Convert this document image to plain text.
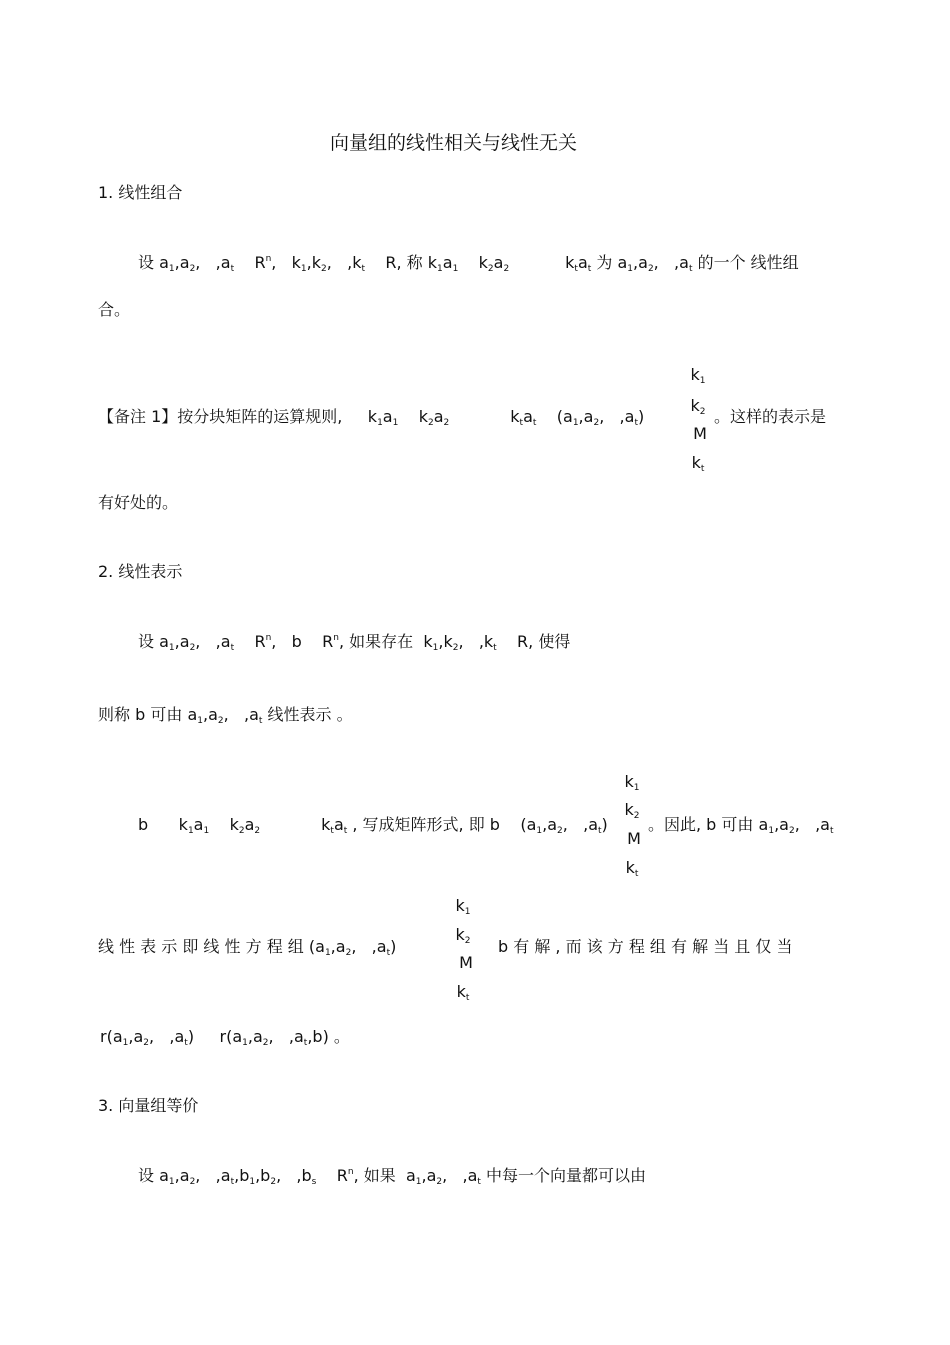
向量组的线性相关与线性无关
1. 线性组合
设 a1,a2, ,at $R^n$, k1,k2, ,kt R, 称 k1a1 k2a2	ktat 为 a1,a2, ,at 的一个 线性组
合。
【备注 1】按分块矩阵的运算规则, k1a1 k2a2	ktat (a1,a2, ,at)
k1
k2
M
kt
。这样的表示是
有好处的。
2. 线性表示
设 a1,a2, ,at $R^n$, b $R^n$, 如果存在 k1,k2, ,kt R, 使得
则称 b 可由 a1,a2, ,at 线性表示 。
b k1a1 k2a2	ktat , 写成矩阵形式, 即 b (a1,a2, ,at)
k1
k2
M
kt
。因此, b 可由 a1,a2, ,at
线 性 表 示 即 线 性 方 程 组 (a1,a2, ,at)
k1
k2
M
kt
b 有 解 , 而 该 方 程 组 有 解 当 且 仅 当
r(a1,a2, ,at) r(a1,a2, ,at,b) 。
3. 向量组等价
设 a1,a2, ,at,b1,b2, ,bs $R^n$, 如果 a1,a2, ,at 中每一个向量都可以由
